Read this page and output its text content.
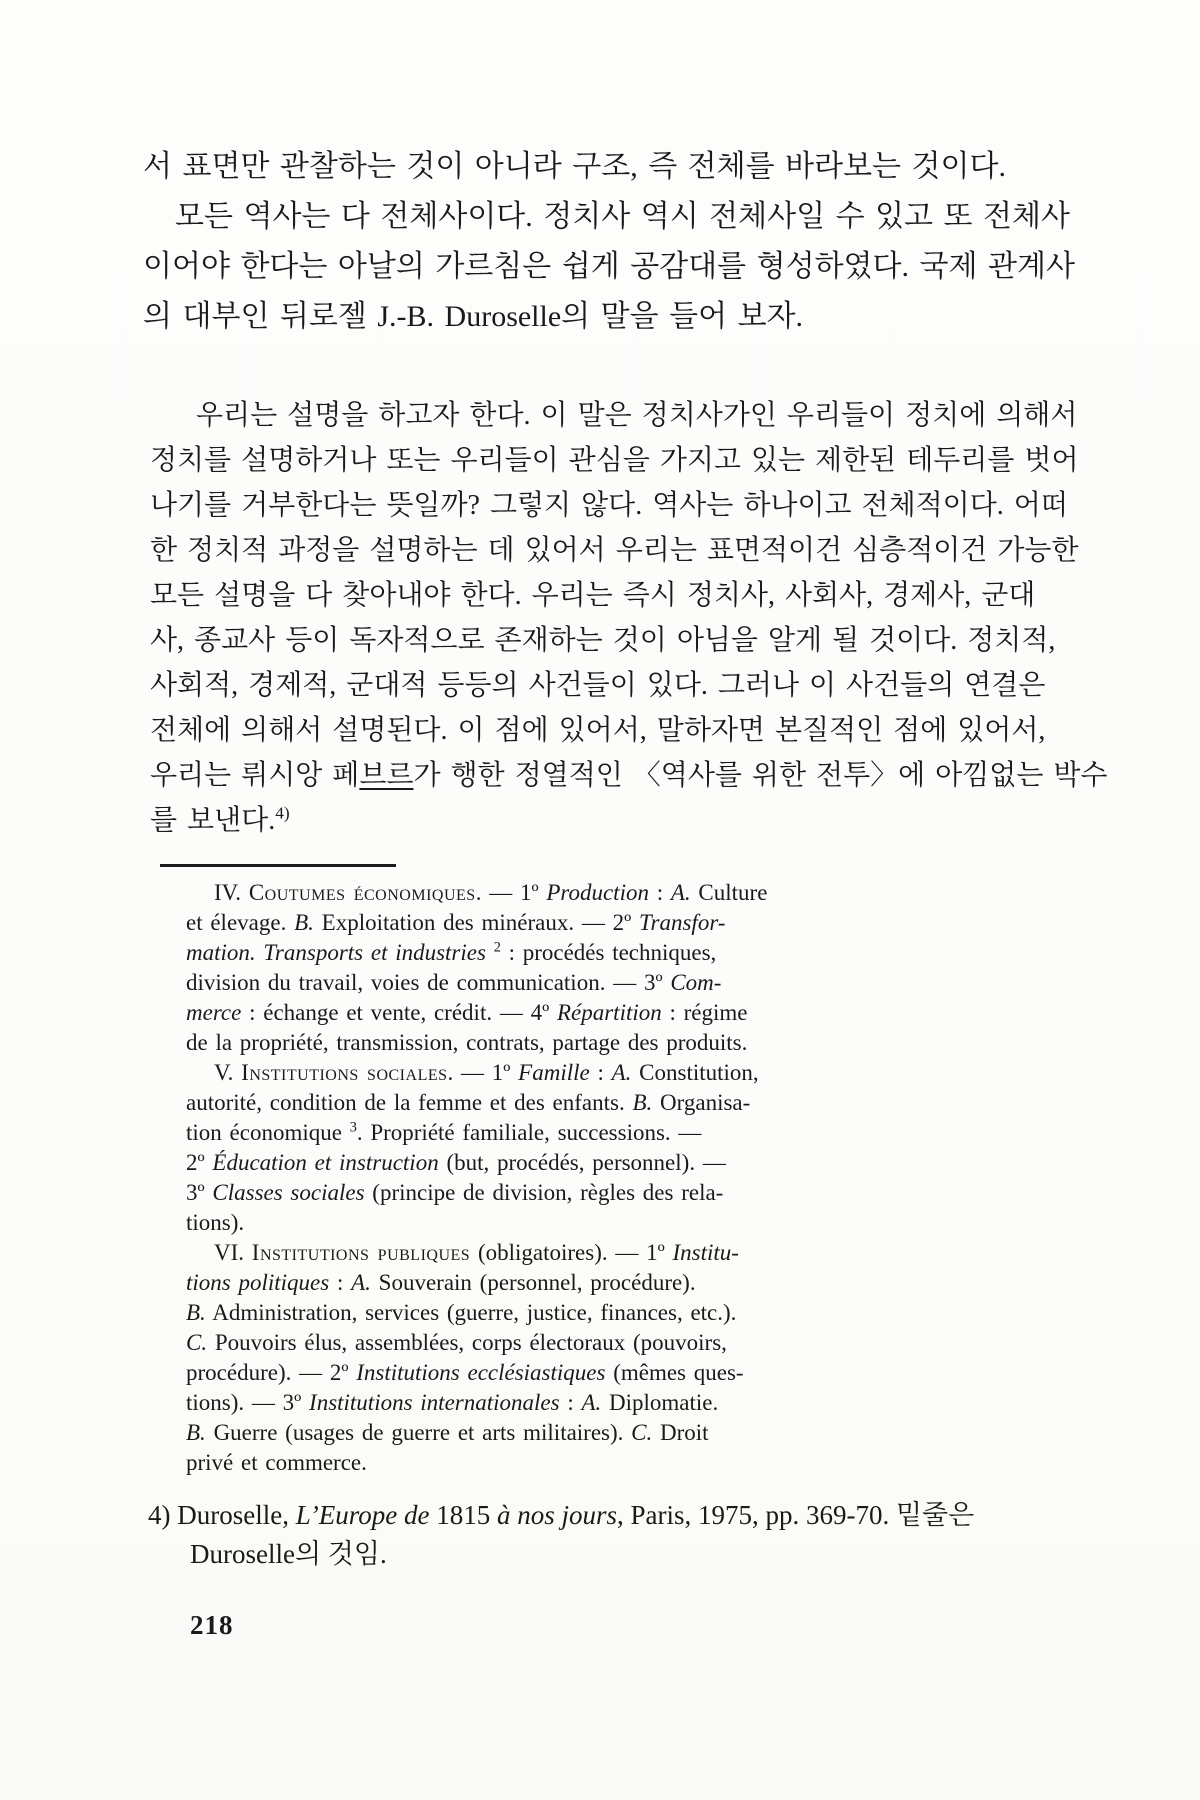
서 표면만 관찰하는 것이 아니라 구조, 즉 전체를 바라보는 것이다.
모든 역사는 다 전체사이다. 정치사 역시 전체사일 수 있고 또 전체사
이어야 한다는 아날의 가르침은 쉽게 공감대를 형성하였다. 국제 관계사
의 대부인 뒤로젤 J.-B. Duroselle의 말을 들어 보자.
우리는 설명을 하고자 한다. 이 말은 정치사가인 우리들이 정치에 의해서
정치를 설명하거나 또는 우리들이 관심을 가지고 있는 제한된 테두리를 벗어
나기를 거부한다는 뜻일까? 그렇지 않다. 역사는 하나이고 전체적이다. 어떠
한 정치적 과정을 설명하는 데 있어서 우리는 표면적이건 심층적이건 가능한
모든 설명을 다 찾아내야 한다. 우리는 즉시 정치사, 사회사, 경제사, 군대
사, 종교사 등이 독자적으로 존재하는 것이 아님을 알게 될 것이다. 정치적,
사회적, 경제적, 군대적 등등의 사건들이 있다. 그러나 이 사건들의 연결은
전체에 의해서 설명된다. 이 점에 있어서, 말하자면 본질적인 점에 있어서,
우리는 뤼시앙 페브르가 행한 정열적인 〈역사를 위한 전투〉에 아낌없는 박수
를 보낸다.$^{4)}$
IV. Coutumes économiques. — 1º Production : A. Culture
et élevage. B. Exploitation des minéraux. — 2º Transfor-
mation. Transports et industries $^2$ : procédés techniques,
division du travail, voies de communication. — 3º Com-
merce : échange et vente, crédit. — 4º Répartition : régime
de la propriété, transmission, contrats, partage des produits.
V. Institutions sociales. — 1º Famille : A. Constitution,
autorité, condition de la femme et des enfants. B. Organisa-
tion économique $^3$. Propriété familiale, successions. —
2º Éducation et instruction (but, procédés, personnel). —
3º Classes sociales (principe de division, règles des rela-
tions).
VI. Institutions publiques (obligatoires). — 1º Institu-
tions politiques : A. Souverain (personnel, procédure).
B. Administration, services (guerre, justice, finances, etc.).
C. Pouvoirs élus, assemblées, corps électoraux (pouvoirs,
procédure). — 2º Institutions ecclésiastiques (mêmes ques-
tions). — 3º Institutions internationales : A. Diplomatie.
B. Guerre (usages de guerre et arts militaires). C. Droit
privé et commerce.
4) Duroselle, L’Europe de 1815 à nos jours, Paris, 1975, pp. 369-70. 밑줄은
Duroselle의 것임.
218
